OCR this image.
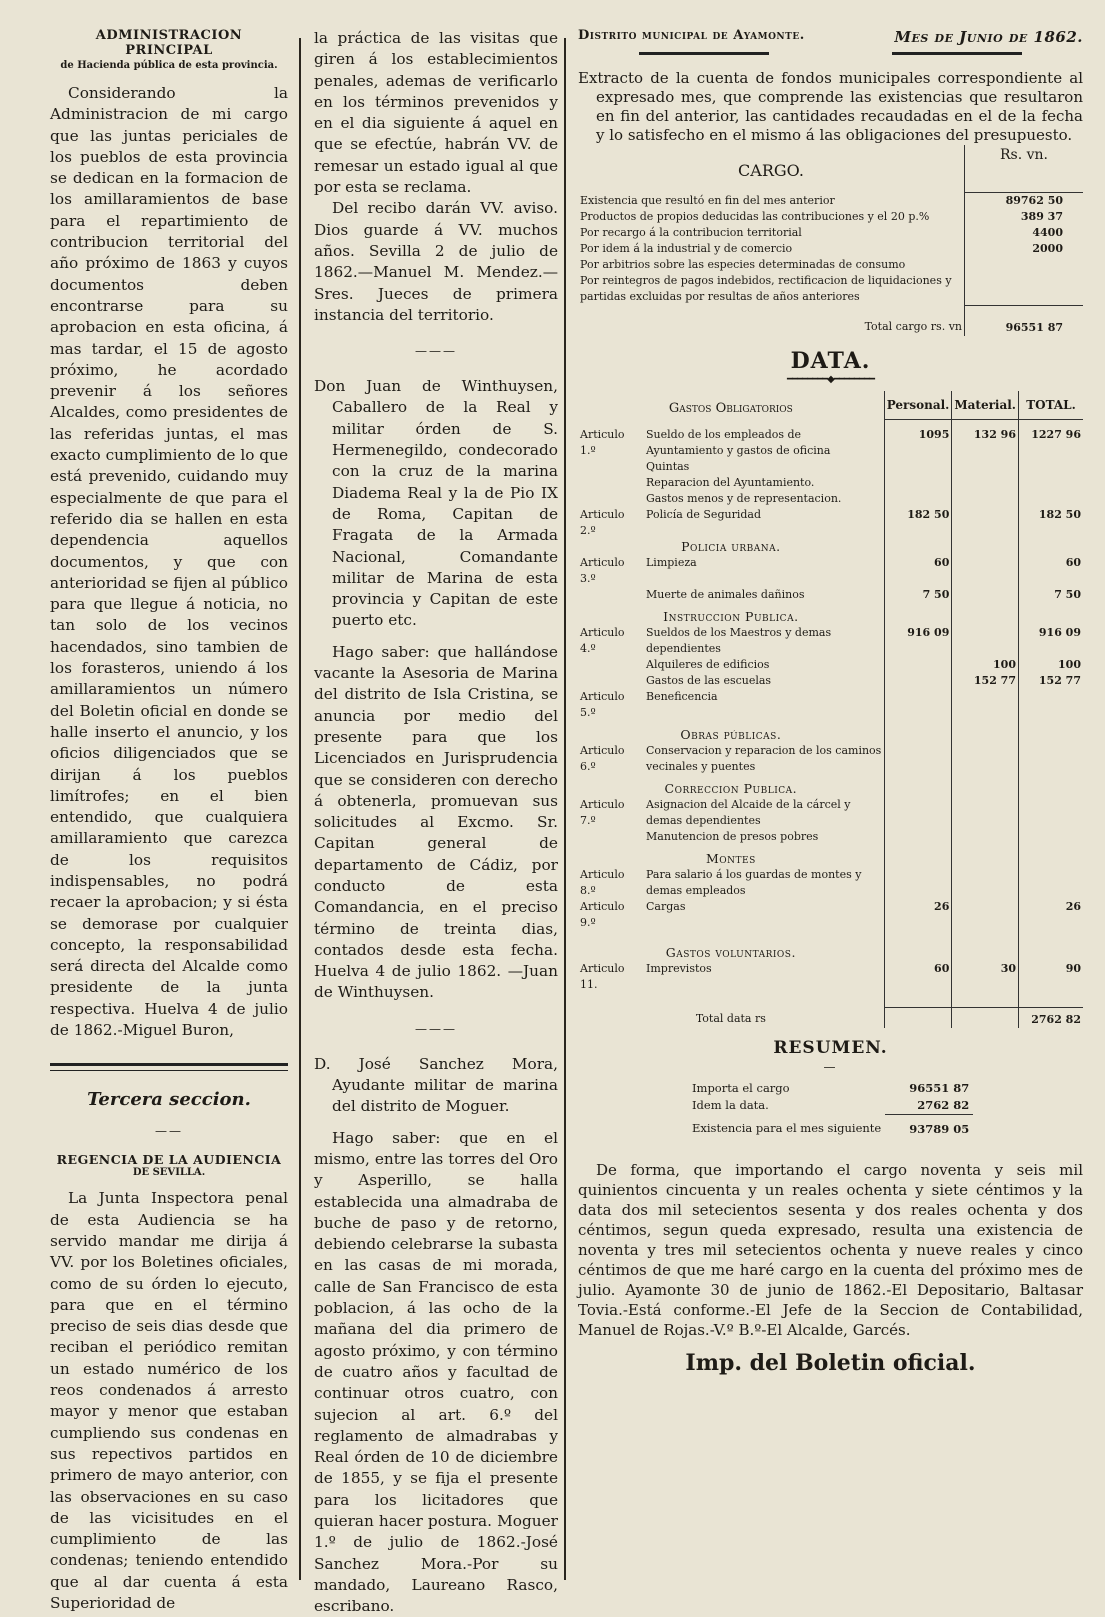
ADMINISTRACION PRINCIPAL
de Hacienda pública de esta provincia.

Considerando la Administracion de mi cargo que las juntas periciales de los pueblos de esta provincia se dedican en la formacion de los amillaramientos de base para el repartimiento de contribucion territorial del año próximo de 1863 y cuyos documentos deben encontrarse para su aprobacion en esta oficina, á mas tardar, el 15 de agosto próximo, he acordado prevenir á los señores Alcaldes, como presidentes de las referidas juntas, el mas exacto cumplimiento de lo que está prevenido, cuidando muy especialmente de que para el referido dia se hallen en esta dependencia aquellos documentos, y que con anterioridad se fijen al público para que llegue á noticia, no tan solo de los vecinos hacendados, sino tambien de los forasteros, uniendo á los amillaramientos un número del Boletin oficial en donde se halle inserto el anuncio, y los oficios diligenciados que se dirijan á los pueblos limítrofes; en el bien entendido, que cualquiera amillaramiento que carezca de los requisitos indispensables, no podrá recaer la aprobacion; y si ésta se demorase por cualquier concepto, la responsabilidad será directa del Alcalde como presidente de la junta respectiva. Huelva 4 de julio de 1862.-Miguel Buron,

Tercera seccion.
——
REGENCIA DE LA AUDIENCIA
DE SEVILLA.

La Junta Inspectora penal de esta Audiencia se ha servido mandar me dirija á VV. por los Boletines oficiales, como de su órden lo ejecuto, para que en el término preciso de seis dias desde que reciban el periódico remitan un estado numérico de los reos condenados á arresto mayor y menor que estaban cumpliendo sus condenas en sus repectivos partidos en primero de mayo anterior, con las observaciones en su caso de las vicisitudes en el cumplimiento de las condenas; teniendo entendido que al dar cuenta á esta Superioridad de

la práctica de las visitas que giren á los establecimientos penales, ademas de verificarlo en los términos prevenidos y en el dia siguiente á aquel en que se efectúe, habrán VV. de remesar un estado igual al que por esta se reclama.

Del recibo darán VV. aviso. Dios guarde á VV. muchos años. Sevilla 2 de julio de 1862.—Manuel M. Mendez.—Sres. Jueces de primera instancia del territorio.

———

Don Juan de Winthuysen, Caballero de la Real y militar órden de S. Hermenegildo, condecorado con la cruz de la marina Diadema Real y la de Pio IX de Roma, Capitan de Fragata de la Armada Nacional, Comandante militar de Marina de esta provincia y Capitan de este puerto etc.

Hago saber: que hallándose vacante la Asesoria de Marina del distrito de Isla Cristina, se anuncia por medio del presente para que los Licenciados en Jurisprudencia que se consideren con derecho á obtenerla, promuevan sus solicitudes al Excmo. Sr. Capitan general de departamento de Cádiz, por conducto de esta Comandancia, en el preciso término de treinta dias, contados desde esta fecha. Huelva 4 de julio 1862. —Juan de Winthuysen.

———

D. José Sanchez Mora, Ayudante militar de marina del distrito de Moguer.

Hago saber: que en el mismo, entre las torres del Oro y Asperillo, se halla establecida una almadraba de buche de paso y de retorno, debiendo celebrarse la subasta en las casas de mi morada, calle de San Francisco de esta poblacion, á las ocho de la mañana del dia primero de agosto próximo, y con término de cuatro años y facultad de continuar otros cuatro, con sujecion al art. 6.º del reglamento de almadrabas y Real órden de 10 de diciembre de 1855, y se fija el presente para los licitadores que quieran hacer postura. Moguer 1.º de julio de 1862.-José Sanchez Mora.-Por su mandado, Laureano Rasco, escribano.

Distrito municipal de Ayamonte.	Mes de Junio de 1862.

Extracto de la cuenta de fondos municipales correspondiente al expresado mes, que comprende las existencias que resultaron en fin del anterior, las cantidades recaudadas en el de la fecha y lo satisfecho en el mismo á las obligaciones del presupuesto.

CARGO.
Rs. vn.
Existencia que resultó en fin del mes anterior	89762 50
Productos de propios deducidas las contribuciones y el 20 p.%	389 37
Por recargo á la contribucion territorial	4400
Por idem á la industrial y de comercio	2000
Por arbitrios sobre las especies determinadas de consumo	
Por reintegros de pagos indebidos, rectificacion de liquidaciones y partidas excluidas por resultas de años anteriores	
Total cargo rs. vn	96551 87
DATA.
━━━━━━━━◆━━━━━━━━
Gastos Obligatorios		Personal.	Material.	TOTAL.

Articulo 1.º	Sueldo de los empleados de Ayuntamiento y gastos de oficina	1095	132 96	1227 96
	Quintas			
	Reparacion del Ayuntamiento.			
	Gastos menos y de representacion.			
Articulo 2.º	Policía de Seguridad	182 50		182 50
Policia urbana.				
Articulo 3.º	Limpieza	60		60
	Muerte de animales dañinos	7 50		7 50
Instruccion Publica.				
Articulo 4.º	Sueldos de los Maestros y demas dependientes	916 09		916 09
	Alquileres de edificios		100	100
	Gastos de las escuelas		152 77	152 77
Articulo 5.º	Beneficencia			
Obras públicas.				
Articulo 6.º	Conservacion y reparacion de los caminos vecinales y puentes			
Correccion Publica.				
Articulo 7.º	Asignacion del Alcaide de la cárcel y demas dependientes			
	Manutencion de presos pobres			
Montes				
Articulo 8.º	Para salario á los guardas de montes y demas empleados			
Articulo 9.º	Cargas	26		26
Gastos voluntarios.				
Articulo 11.	Imprevistos	60	30	90

Total data rs				2762 82
RESUMEN.
—
Importa el cargo	96551 87
Idem la data.	2762 82
Existencia para el mes siguiente	93789 05

De forma, que importando el cargo noventa y seis mil quinientos cincuenta y un reales ochenta y siete céntimos y la data dos mil setecientos sesenta y dos reales ochenta y dos céntimos, segun queda expresado, resulta una existencia de noventa y tres mil setecientos ochenta y nueve reales y cinco céntimos de que me haré cargo en la cuenta del próximo mes de julio. Ayamonte 30 de junio de 1862.-El Depositario, Baltasar Tovia.-Está conforme.-El Jefe de la Seccion de Contabilidad, Manuel de Rojas.-V.º B.º-El Alcalde, Garcés.

Imp. del Boletin oficial.
